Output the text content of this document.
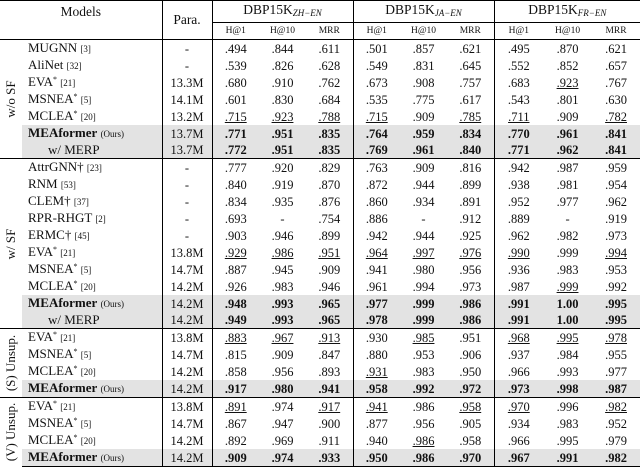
Models		Para.	$DBP15K_{ZH-EN}$			$DBP15K_{JA-EN}$			$DBP15K_{FR-EN}$
			H@1	H@10	MRR	H@1	H@10	MRR	H@1	H@10	MRR

w/o SF	MUGNN [3]	-	.494	.844	.611	.501	.857	.621	.495	.870	.621
	AliNet [32]	-	.539	.826	.628	.549	.831	.645	.552	.852	.657
	EVA* [21]	13.3M	.680	.910	.762	.673	.908	.757	.683	.923	.767
	MSNEA* [5]	14.1M	.601	.830	.684	.535	.775	.617	.543	.801	.630
	MCLEA* [20]	13.2M	.715	.923	.788	.715	.909	.785	.711	.909	.782
	MEAformer (Ours)	13.7M	.771	.951	.835	.764	.959	.834	.770	.961	.841
	w/ MERP	13.7M	.772	.951	.835	.769	.961	.840	.771	.962	.841

w/ SF	AttrGNN† [23]	-	.777	.920	.829	.763	.909	.816	.942	.987	.959
	RNM [53]	-	.840	.919	.870	.872	.944	.899	.938	.981	.954
	CLEM† [37]	-	.834	.935	.876	.860	.934	.891	.952	.977	.962
	RPR-RHGT [2]	-	.693	-	.754	.886	-	.912	.889	-	.919
	ERMC† [45]	-	.903	.946	.899	.942	.944	.925	.962	.982	.973
	EVA* [21]	13.8M	.929	.986	.951	.964	.997	.976	.990	.999	.994
	MSNEA* [5]	14.7M	.887	.945	.909	.941	.980	.956	.936	.983	.953
	MCLEA* [20]	14.2M	.926	.983	.946	.961	.994	.973	.987	.999	.992
	MEAformer (Ours)	14.2M	.948	.993	.965	.977	.999	.986	.991	1.00	.995
	w/ MERP	14.2M	.949	.993	.965	.978	.999	.986	.991	1.00	.995

(S) Unsup.	EVA* [21]	13.8M	.883	.967	.913	.930	.985	.951	.968	.995	.978
	MSNEA* [5]	14.7M	.815	.909	.847	.880	.953	.906	.937	.984	.955
	MCLEA* [20]	14.2M	.858	.956	.893	.931	.983	.950	.966	.993	.977
	MEAformer (Ours)	14.2M	.917	.980	.941	.958	.992	.972	.973	.998	.987

(V) Unsup.	EVA* [21]	13.8M	.891	.974	.917	.941	.986	.958	.970	.996	.982
	MSNEA* [5]	14.7M	.867	.947	.900	.877	.956	.905	.934	.983	.952
	MCLEA* [20]	14.2M	.892	.969	.911	.940	.986	.958	.966	.995	.979
	MEAformer (Ours)	14.2M	.909	.974	.933	.950	.986	.970	.967	.991	.982
